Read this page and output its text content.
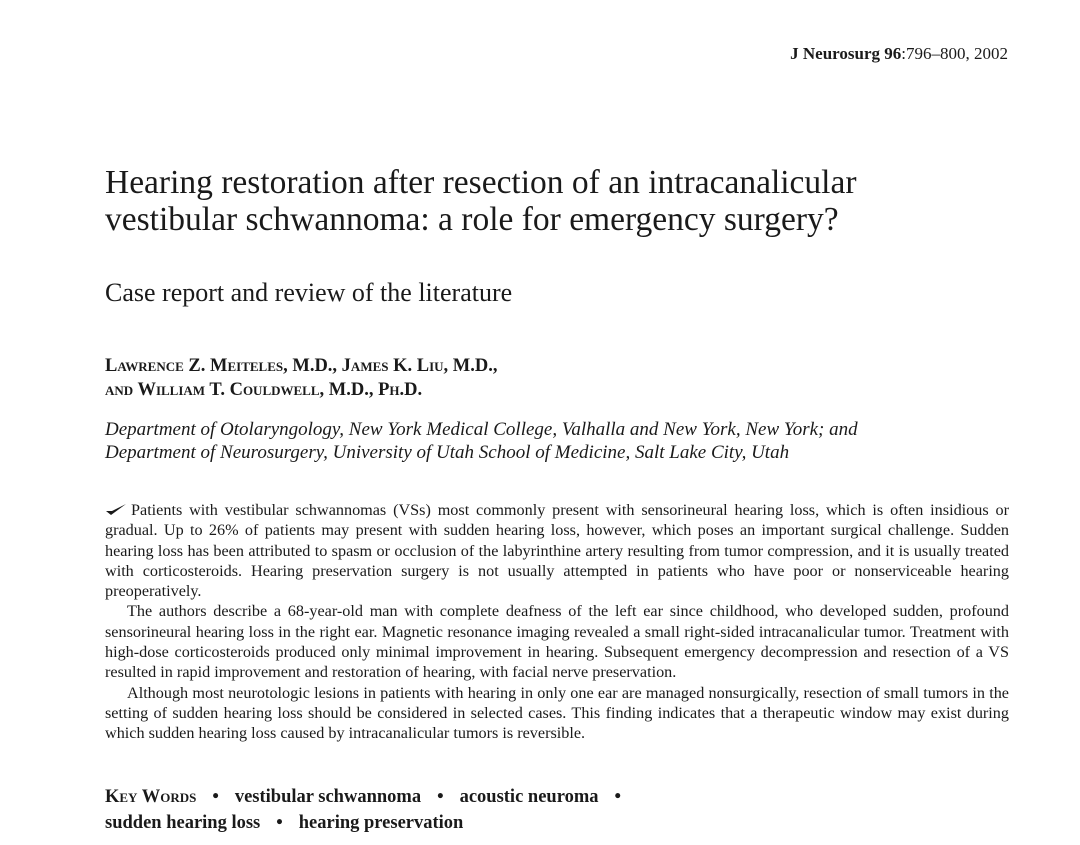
J Neurosurg 96:796–800, 2002
Hearing restoration after resection of an intracanalicular
vestibular schwannoma: a role for emergency surgery?
Case report and review of the literature
Lawrence Z. Meiteles, M.D., James K. Liu, M.D.,
and William T. Couldwell, M.D., Ph.D.
Department of Otolaryngology, New York Medical College, Valhalla and New York, New York; and
Department of Neurosurgery, University of Utah School of Medicine, Salt Lake City, Utah

Patients with vestibular schwannomas (VSs) most commonly present with sensorineural hearing loss, which is often insidious or gradual. Up to 26% of patients may present with sudden hearing loss, however, which poses an important surgical challenge. Sudden hearing loss has been attributed to spasm or occlusion of the labyrinthine artery resulting from tumor compression, and it is usually treated with corticosteroids. Hearing preservation surgery is not usually attempted in patients who have poor or nonserviceable hearing preoperatively.

The authors describe a 68-year-old man with complete deafness of the left ear since childhood, who developed sudden, profound sensorineural hearing loss in the right ear. Magnetic resonance imaging revealed a small right-sided intracanalicular tumor. Treatment with high-dose corticosteroids produced only minimal improvement in hearing. Subsequent emergency decompression and resection of a VS resulted in rapid improvement and restoration of hearing, with facial nerve preservation.

Although most neurotologic lesions in patients with hearing in only one ear are managed nonsurgically, resection of small tumors in the setting of sudden hearing loss should be considered in selected cases. This finding indicates that a therapeutic window may exist during which sudden hearing loss caused by intracanalicular tumors is reversible.

Key Words • vestibular schwannoma • acoustic neuroma •
sudden hearing loss • hearing preservation
